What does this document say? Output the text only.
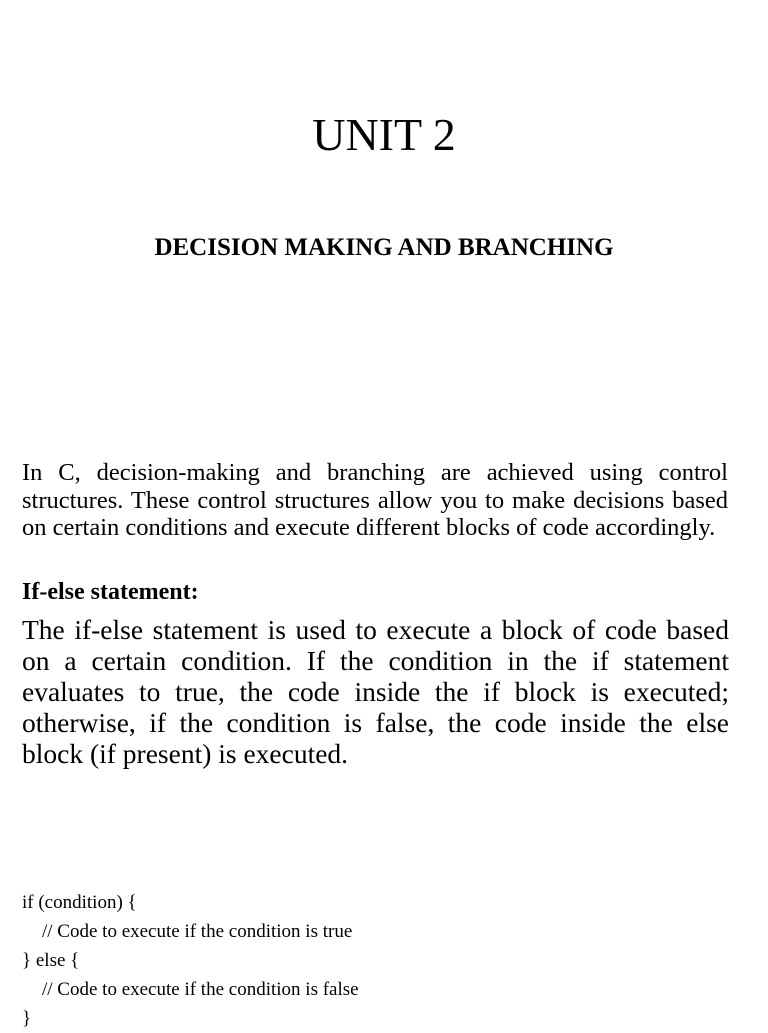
UNIT 2
DECISION MAKING AND BRANCHING

In C, decision-making and branching are achieved using control structures. These control structures allow you to make decisions based on certain conditions and execute different blocks of code accordingly.

If-else statement:

The if-else statement is used to execute a block of code based on a certain condition. If the condition in the if statement evaluates to true, the code inside the if block is executed; otherwise, if the condition is false, the code inside the else block (if present) is executed.

if (condition) {
// Code to execute if the condition is true
} else {
// Code to execute if the condition is false
}
